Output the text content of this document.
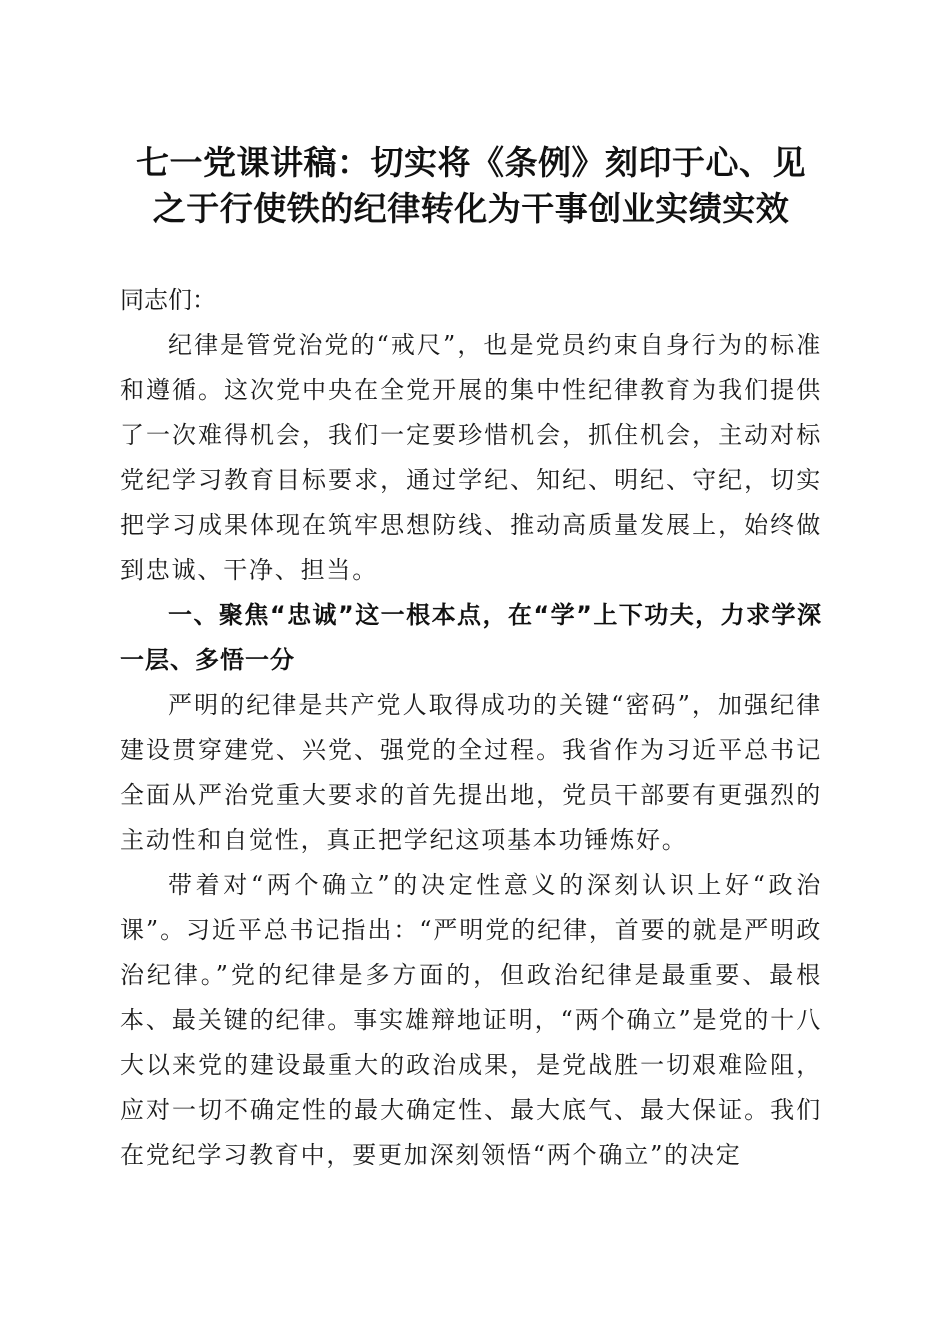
七一党课讲稿：切实将《条例》刻印于心、见
之于行使铁的纪律转化为干事创业实绩实效

同志们：

纪律是管党治党的“戒尺”，也是党员约束自身行为的标准和遵循。这次党中央在全党开展的集中性纪律教育为我们提供了一次难得机会，我们一定要珍惜机会，抓住机会，主动对标党纪学习教育目标要求，通过学纪、知纪、明纪、守纪，切实把学习成果体现在筑牢思想防线、推动高质量发展上，始终做到忠诚、干净、担当。

一、聚焦“忠诚”这一根本点，在“学”上下功夫，力求学深一层、多悟一分

严明的纪律是共产党人取得成功的关键“密码”，加强纪律建设贯穿建党、兴党、强党的全过程。我省作为习近平总书记全面从严治党重大要求的首先提出地，党员干部要有更强烈的主动性和自觉性，真正把学纪这项基本功锤炼好。

带着对“两个确立”的决定性意义的深刻认识上好“政治课”。习近平总书记指出：“严明党的纪律，首要的就是严明政治纪律。”党的纪律是多方面的，但政治纪律是最重要、最根本、最关键的纪律。事实雄辩地证明，“两个确立”是党的十八大以来党的建设最重大的政治成果，是党战胜一切艰难险阻，应对一切不确定性的最大确定性、最大底气、最大保证。我们在党纪学习教育中，要更加深刻领悟“两个确立”的决定
